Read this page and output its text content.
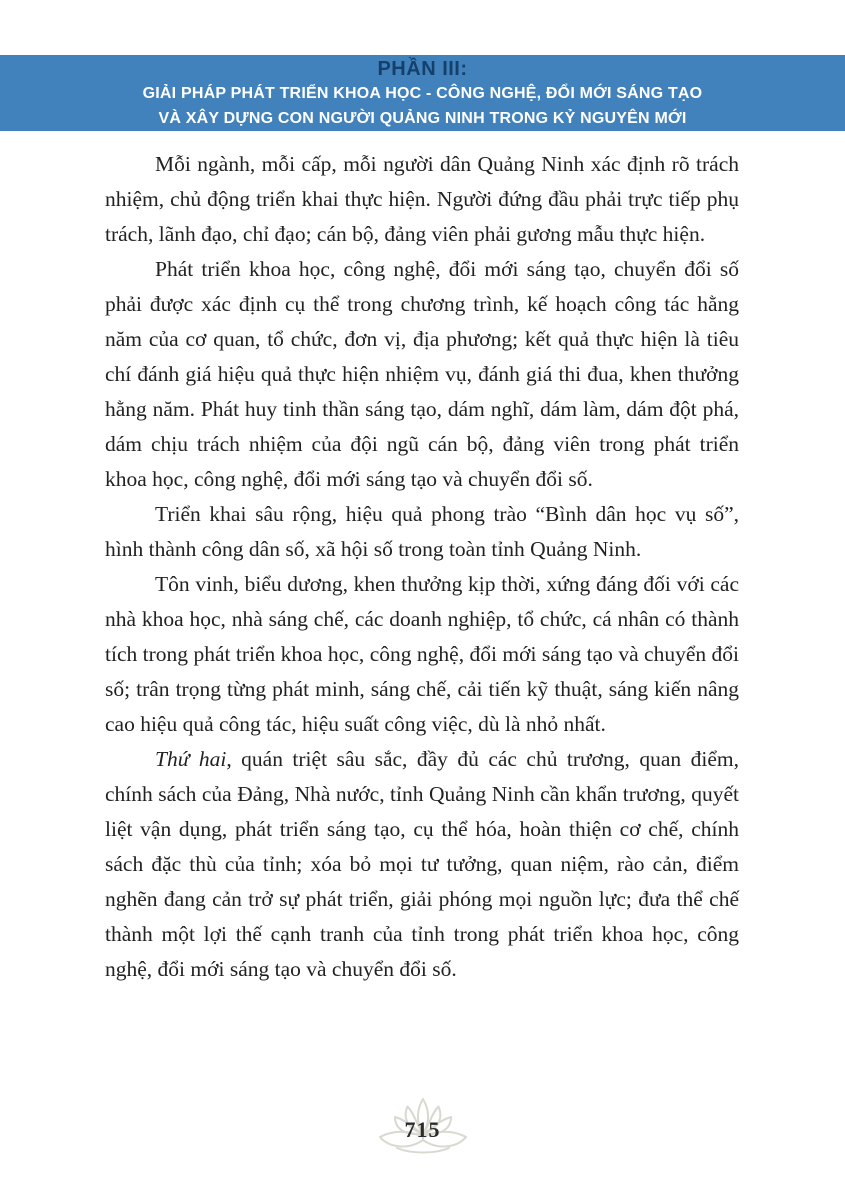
PHẦN III:
GIẢI PHÁP PHÁT TRIỂN KHOA HỌC - CÔNG NGHỆ, ĐỔI MỚI SÁNG TẠO
VÀ XÂY DỰNG CON NGƯỜI QUẢNG NINH TRONG KỶ NGUYÊN MỚI

Mỗi ngành, mỗi cấp, mỗi người dân Quảng Ninh xác định rõ trách nhiệm, chủ động triển khai thực hiện. Người đứng đầu phải trực tiếp phụ trách, lãnh đạo, chỉ đạo; cán bộ, đảng viên phải gương mẫu thực hiện.

Phát triển khoa học, công nghệ, đổi mới sáng tạo, chuyển đổi số phải được xác định cụ thể trong chương trình, kế hoạch công tác hằng năm của cơ quan, tổ chức, đơn vị, địa phương; kết quả thực hiện là tiêu chí đánh giá hiệu quả thực hiện nhiệm vụ, đánh giá thi đua, khen thưởng hằng năm. Phát huy tinh thần sáng tạo, dám nghĩ, dám làm, dám đột phá, dám chịu trách nhiệm của đội ngũ cán bộ, đảng viên trong phát triển khoa học, công nghệ, đổi mới sáng tạo và chuyển đổi số.

Triển khai sâu rộng, hiệu quả phong trào “Bình dân học vụ số”, hình thành công dân số, xã hội số trong toàn tỉnh Quảng Ninh.

Tôn vinh, biểu dương, khen thưởng kịp thời, xứng đáng đối với các nhà khoa học, nhà sáng chế, các doanh nghiệp, tổ chức, cá nhân có thành tích trong phát triển khoa học, công nghệ, đổi mới sáng tạo và chuyển đổi số; trân trọng từng phát minh, sáng chế, cải tiến kỹ thuật, sáng kiến nâng cao hiệu quả công tác, hiệu suất công việc, dù là nhỏ nhất.

Thứ hai, quán triệt sâu sắc, đầy đủ các chủ trương, quan điểm, chính sách của Đảng, Nhà nước, tỉnh Quảng Ninh cần khẩn trương, quyết liệt vận dụng, phát triển sáng tạo, cụ thể hóa, hoàn thiện cơ chế, chính sách đặc thù của tỉnh; xóa bỏ mọi tư tưởng, quan niệm, rào cản, điểm nghẽn đang cản trở sự phát triển, giải phóng mọi nguồn lực; đưa thể chế thành một lợi thế cạnh tranh của tỉnh trong phát triển khoa học, công nghệ, đổi mới sáng tạo và chuyển đổi số.

715
